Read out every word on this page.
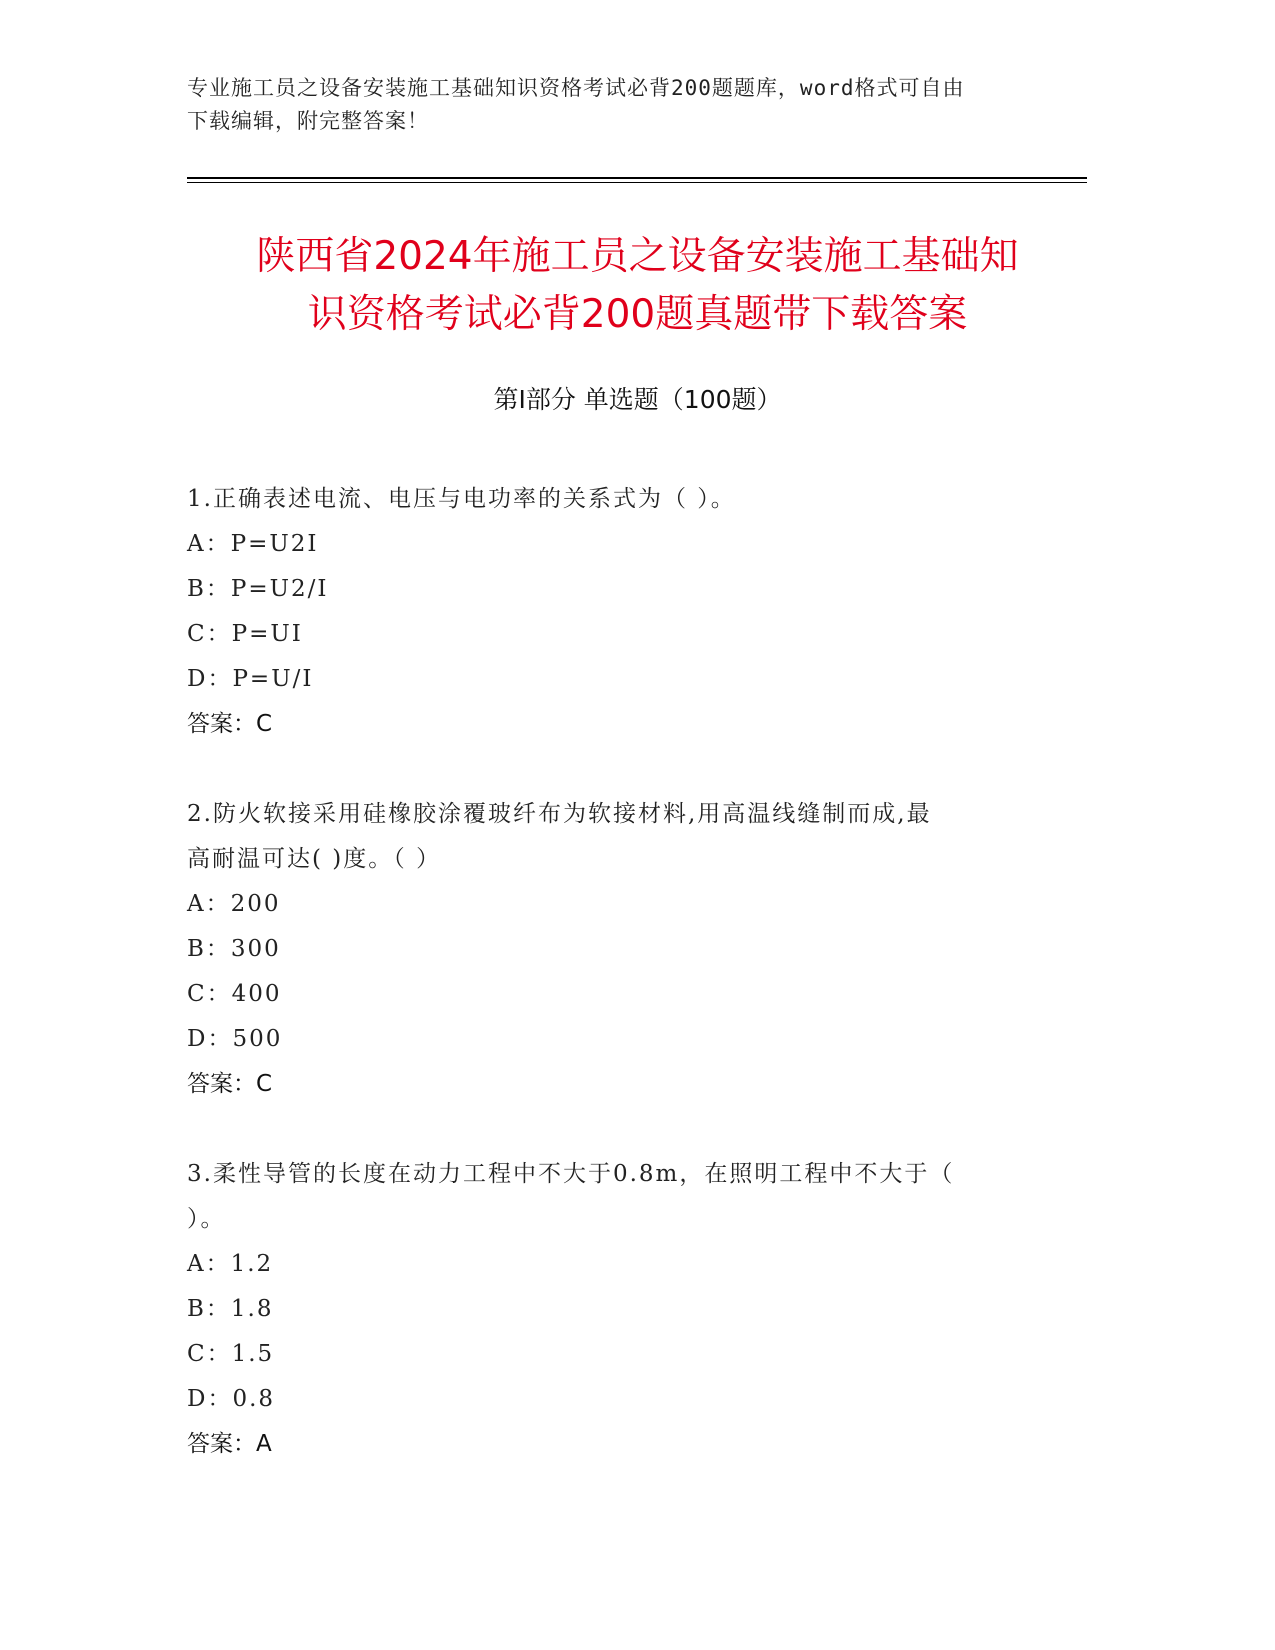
专业施工员之设备安装施工基础知识资格考试必背200题题库，word格式可自由
下载编辑，附完整答案！
陕西省2024年施工员之设备安装施工基础知
识资格考试必背200题真题带下载答案
第Ⅰ部分 单选题（100题）
1.正确表述电流、电压与电功率的关系式为（ ）。
A：P=U2I
B：P=U2/I
C：P=UI
D：P=U/I
答案：C
2.防火软接采用硅橡胶涂覆玻纤布为软接材料,用高温线缝制而成,最
高耐温可达( )度。（ ）
A：200
B：300
C：400
D：500
答案：C
3.柔性导管的长度在动力工程中不大于0.8m，在照明工程中不大于（
）。
A：1.2
B：1.8
C：1.5
D：0.8
答案：A
